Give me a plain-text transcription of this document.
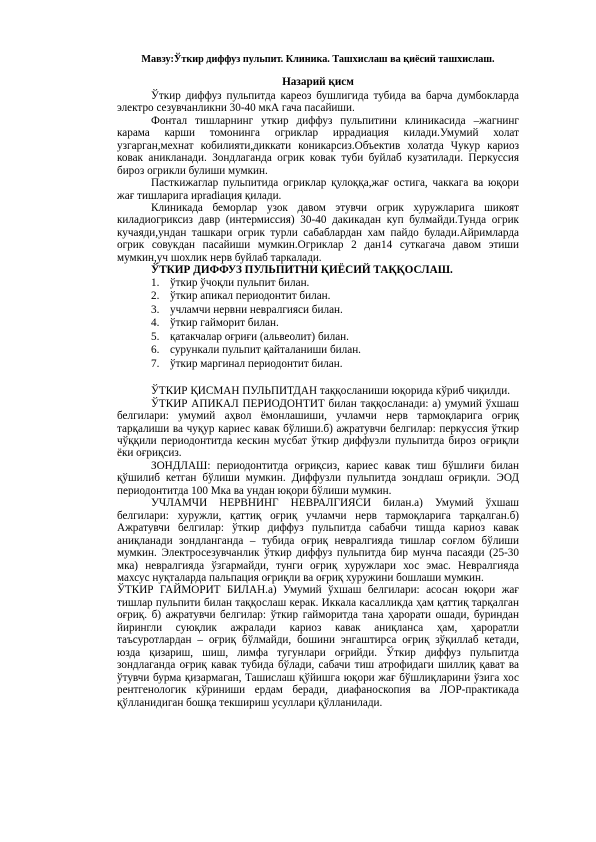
Мавзу:Ўткир диффуз пульпит. Клиника. Ташхислаш ва қиёсий ташхислаш.

Назарий қисм

Ўткир диффуз пульпитда кареоз бушлигида тубида ва барча думбокларда электро сезувчанликни 30-40 мкА гача пасайиши.

Фонтал тишларнинг уткир диффуз пульпитини клиникасида –жагнинг карама карши томонинга огриклар иррадиация килади.Умумий холат узгарган,мехнат кобилияти,диккати коникарсиз.Объектив холатда Чукур кариоз ковак аникланади. Зондлаганда огрик ковак туби буйлаб кузатилади. Перкуссия бироз огрикли булиши мумкин.

Пасткижаглар пульпитида огриклар қулоққа,жағ остига, чаккага ва юқори жағ тишларига ирradiация қилади.

Клиникада беморлар узок давом этувчи огрик хуружларига шикоят киладиогриксиз давр (интермиссия) 30-40 дакикадан куп булмайди.Тунда огрик кучаяди,ундан ташкари огрик турли сабаблардан хам пайдо булади.Айримларда огрик совукдан пасайиши мумкин.Огриклар 2 дан14 суткагача давом этиши мумкин,уч шохлик нерв буйлаб таркалади.

ЎТКИР ДИФФУЗ ПУЛЬПИТНИ ҚИЁСИЙ ТАҚҚОСЛАШ.

1. ўткир ўчоқли пульпит билан.
2. ўткир апикал периодонтит билан.
3. учламчи нервни невралгияси билан.
4. ўткир гайморит билан.
5. қатакчалар оғриғи (альвеолит) билан.
6. сурункали пульпит қайталаниши билан.
7. ўткир маргинал периодонтит билан.

ЎТКИР ҚИСМАН ПУЛЬПИТДАН таққосланиши юқорида кўриб чиқилди.

ЎТКИР АПИКАЛ ПЕРИОДОНТИТ билан таққосланади: а) умумий ўхшаш белгилари: умумий аҳвол ёмонлашиши, учламчи нерв тармоқларига оғриқ тарқалиши ва чуқур кариес кавак бўлиши.б) ажратувчи белгилар: перкуссия ўткир чўққили периодонтитда кескин мусбат ўткир диффузли пульпитда бироз оғриқли ёки оғриқсиз.

ЗОНДЛАШ: периодонтитда оғриқсиз, кариес кавак тиш бўшлиғи билан қўшилиб кетган бўлиши мумкин. Диффузли пульпитда зондлаш оғриқли. ЭОД периодонтитда 100 Мка ва ундан юқори бўлиши мумкин.

УЧЛАМЧИ НЕРВНИНГ НЕВРАЛГИЯСИ билан.а) Умумий ўхшаш белгилари: хуружли, қаттиқ оғриқ учламчи нерв тармоқларига тарқалган.б) Ажратувчи белгилар: ўткир диффуз пульпитда сабабчи тишда кариоз кавак аниқланади зондланганда – тубида оғриқ невралгияда тишлар соғлом бўлиши мумкин. Электросезувчанлик ўткир диффуз пульпитда бир мунча пасаяди (25-30 мка) невралгияда ўзгармайди, тунги оғриқ хуружлари хос эмас. Невралгияда махсус нуқталарда пальпация оғриқли ва оғриқ хуружини бошлаши мумкин.

ЎТКИР ГАЙМОРИТ БИЛАН.а) Умумий ўхшаш белгилари: асосан юқори жағ тишлар пульпити билан таққослаш керак. Иккала касалликда ҳам қаттиқ тарқалган оғриқ. б) ажратувчи белгилар: ўткир гайморитда тана ҳарорати ошади, буриндан йирингли суюқлик ажралади кариоз кавак аниқланса ҳам, ҳароратли таъсуротлардан – оғриқ бўлмайди, бошини энгаштирса оғриқ зўқиллаб кетади, юзда қизариш, шиш, лимфа тугунлари оғрийди. Ўткир диффуз пульпитда зондлаганда оғриқ кавак тубида бўлади, сабачи тиш атрофидаги шиллиқ қават ва ўтувчи бурма қизармаган, Ташислаш қўйишга юқори жағ бўшлиқларини ўзига хос рентгенологик кўриниши ердам беради, диафаноскопия ва ЛОР-практикада қўлланидиган бошқа текшириш усуллари қўлланилади.
